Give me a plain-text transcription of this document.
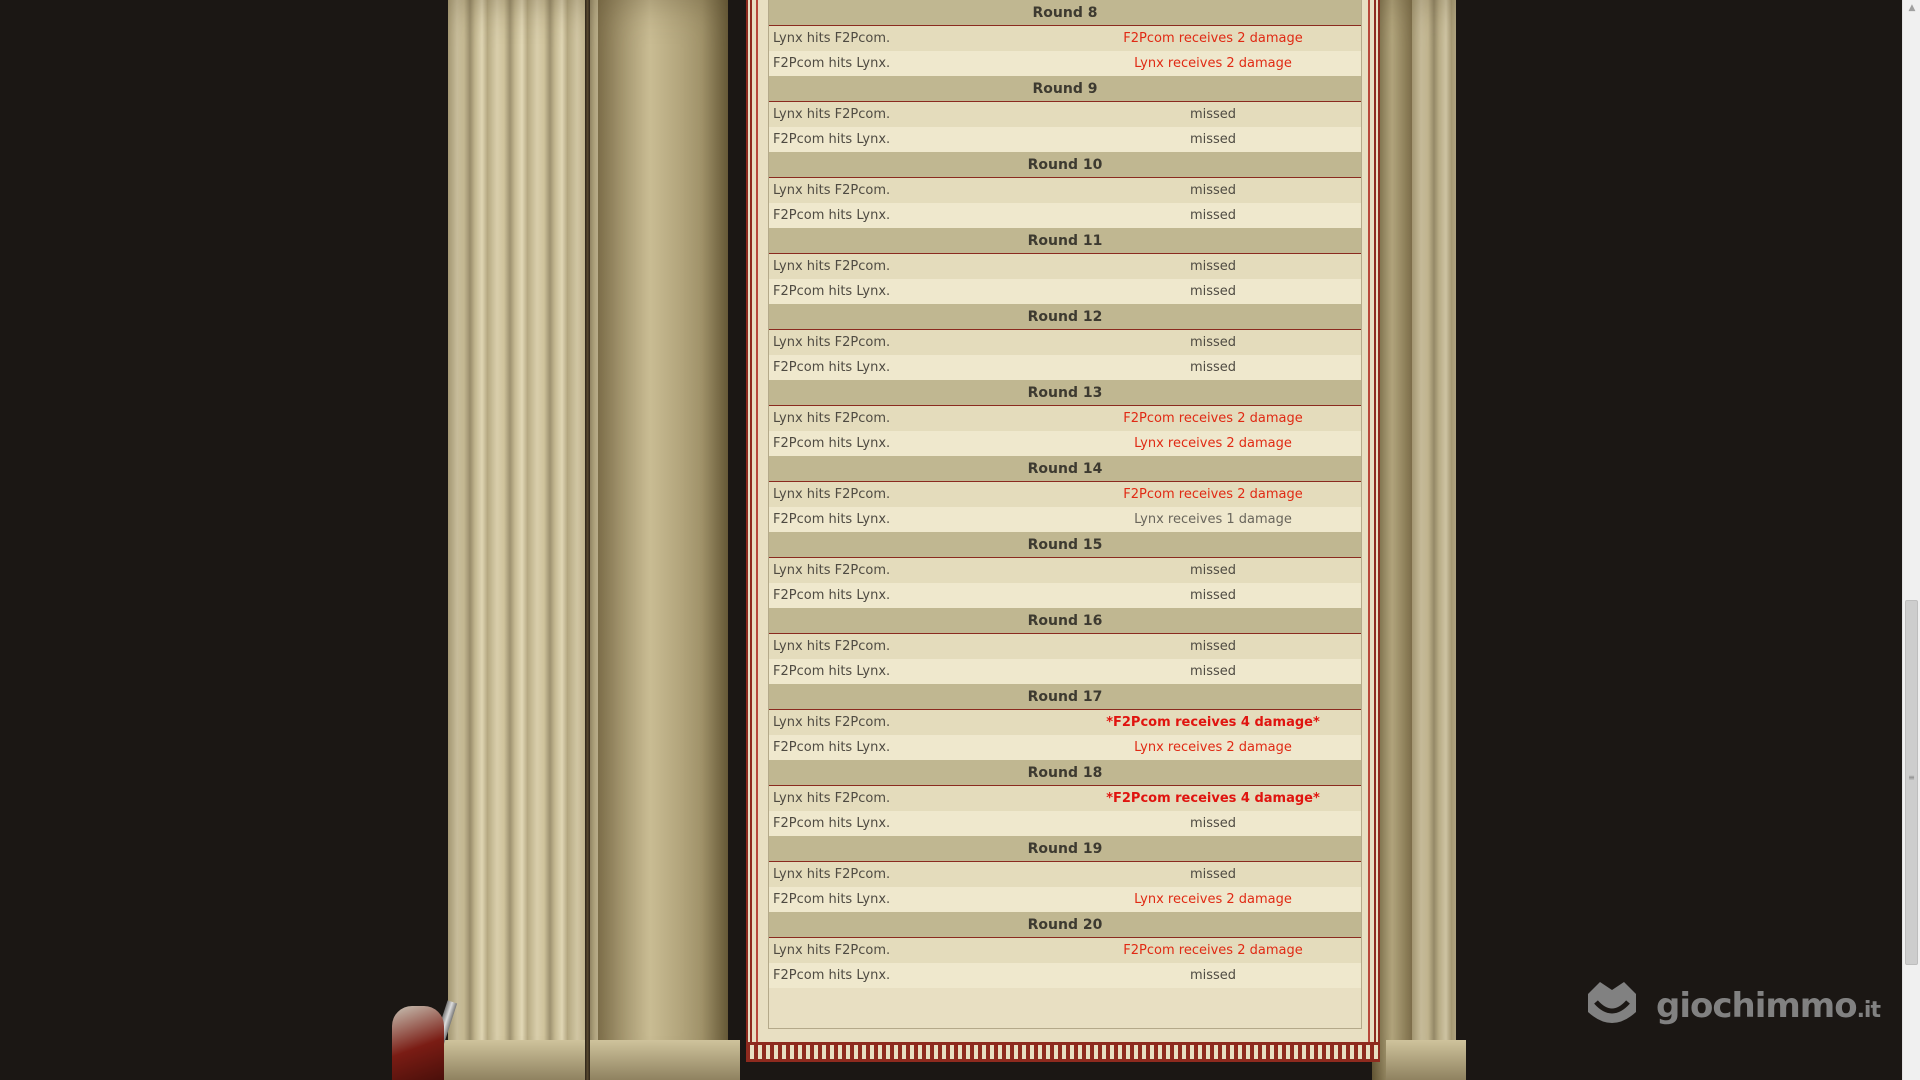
Round 8
Lynx hits F2Pcom.	F2Pcom receives 2 damage
F2Pcom hits Lynx.	Lynx receives 2 damage
Round 9
Lynx hits F2Pcom.	missed
F2Pcom hits Lynx.	missed
Round 10
Lynx hits F2Pcom.	missed
F2Pcom hits Lynx.	missed
Round 11
Lynx hits F2Pcom.	missed
F2Pcom hits Lynx.	missed
Round 12
Lynx hits F2Pcom.	missed
F2Pcom hits Lynx.	missed
Round 13
Lynx hits F2Pcom.	F2Pcom receives 2 damage
F2Pcom hits Lynx.	Lynx receives 2 damage
Round 14
Lynx hits F2Pcom.	F2Pcom receives 2 damage
F2Pcom hits Lynx.	Lynx receives 1 damage
Round 15
Lynx hits F2Pcom.	missed
F2Pcom hits Lynx.	missed
Round 16
Lynx hits F2Pcom.	missed
F2Pcom hits Lynx.	missed
Round 17
Lynx hits F2Pcom.	*F2Pcom receives 4 damage*
F2Pcom hits Lynx.	Lynx receives 2 damage
Round 18
Lynx hits F2Pcom.	*F2Pcom receives 4 damage*
F2Pcom hits Lynx.	missed
Round 19
Lynx hits F2Pcom.	missed
F2Pcom hits Lynx.	Lynx receives 2 damage
Round 20
Lynx hits F2Pcom.	F2Pcom receives 2 damage
F2Pcom hits Lynx.	missed
▲
≡
giochimmo.it
